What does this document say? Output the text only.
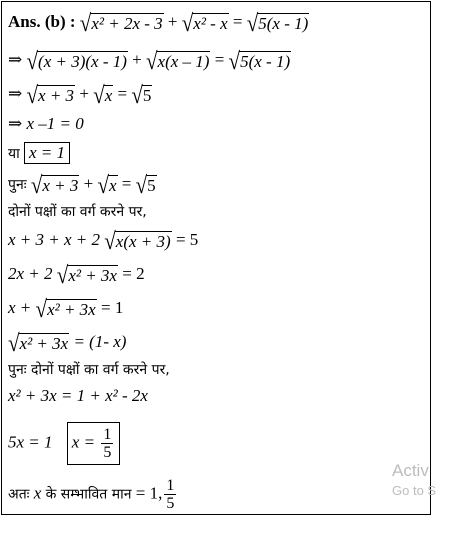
Ans. (b) : √ x² + 2x - 3 + √ x² - x = √ 5(x - 1)
⇒ √ (x + 3)(x - 1) + √ x(x – 1) = √ 5(x - 1)
⇒ √ x + 3 + √ x = √ 5
⇒ x –1 = 0
या x = 1
पुनः √ x + 3 + √ x = √ 5
दोनों पक्षों का वर्ग करने पर,
x + 3 + x + 2 √ x(x + 3) = 5
2x + 2 √ x² + 3x = 2
x + √ x² + 3x = 1
√ x² + 3x = (1- x)
पुनः दोनों पक्षों का वर्ग करने पर,
x² + 3x = 1 + x² - 2x
5x = 1 $x = \frac{1}{5}$
अतः x के सम्भावित मान = 1, $\frac{1}{5}$
Activ
Go to S
